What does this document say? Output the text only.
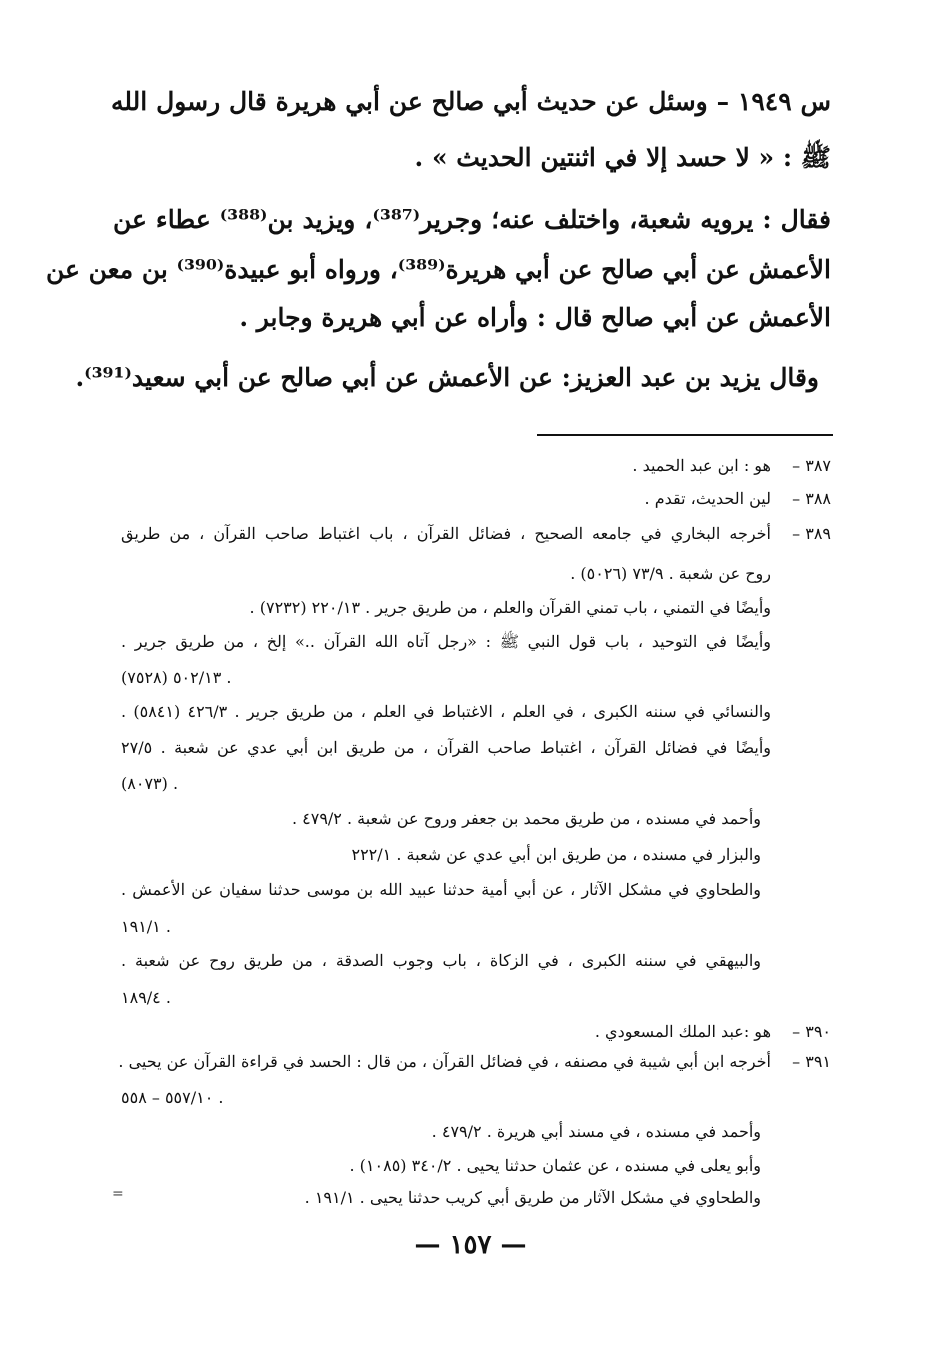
س ١٩٤٩ – وسئل عن حديث أبي صالح عن أبي هريرة قال رسول الله
ﷺ : « لا حسد إلا في اثنتين الحديث » .
فقال : يرويه شعبة، واختلف عنه؛ وجرير⁽³⁸⁷⁾، ويزيد بن⁽³⁸⁸⁾ عطاء عن
الأعمش عن أبي صالح عن أبي هريرة⁽³⁸⁹⁾، ورواه أبو عبيدة⁽³⁹⁰⁾ بن معن عن
الأعمش عن أبي صالح قال : وأراه عن أبي هريرة وجابر .
وقال يزيد بن عبد العزيز: عن الأعمش عن أبي صالح عن أبي سعيد⁽³⁹¹⁾.
٣٨٧ –
هو : ابن عبد الحميد .
٣٨٨ –
لين الحديث، تقدم .
٣٨٩ –
أخرجه البخاري في جامعه الصحيح ، فضائل القرآن ، باب اغتباط صاحب القرآن ، من طريق
روح عن شعبة . ٧٣/٩ (٥٠٢٦) .
وأيضًا في التمني ، باب تمني القرآن والعلم ، من طريق جرير . ٢٢٠/١٣ (٧٢٣٢) .
وأيضًا في التوحيد ، باب قول النبي ﷺ : «رجل آتاه الله القرآن ..» إلخ ، من طريق جرير .
٥٠٢/١٣ (٧٥٢٨) .
والنسائي في سننه الكبرى ، في العلم ، الاغتباط في العلم ، من طريق جرير . ٤٢٦/٣ (٥٨٤١) .
وأيضًا في فضائل القرآن ، اغتباط صاحب القرآن ، من طريق ابن أبي عدي عن شعبة . ٢٧/٥
(٨٠٧٣) .
وأحمد في مسنده ، من طريق محمد بن جعفر وروح عن شعبة . ٤٧٩/٢ .
والبزار في مسنده ، من طريق ابن أبي عدي عن شعبة . ٢٢٢/١
والطحاوي في مشكل الآثار ، عن أبي أمية حدثنا عبيد الله بن موسى حدثنا سفيان عن الأعمش .
١٩١/١ .
والبيهقي في سننه الكبرى ، في الزكاة ، باب وجوب الصدقة ، من طريق روح عن شعبة .
١٨٩/٤ .
٣٩٠ –
هو :عبد الملك المسعودي .
٣٩١ –
أخرجه ابن أبي شيبة في مصنفه ، في فضائل القرآن ، من قال : الحسد في قراءة القرآن عن يحيى .
٥٥٧/١٠ – ٥٥٨ .
وأحمد في مسنده ، في مسند أبي هريرة . ٤٧٩/٢ .
وأبو يعلى في مسنده ، عن عثمان حدثنا يحيى . ٣٤٠/٢ (١٠٨٥) .
والطحاوي في مشكل الآثار من طريق أبي كريب حدثنا يحيى . ١٩١/١ .
=
— ١٥٧ —
